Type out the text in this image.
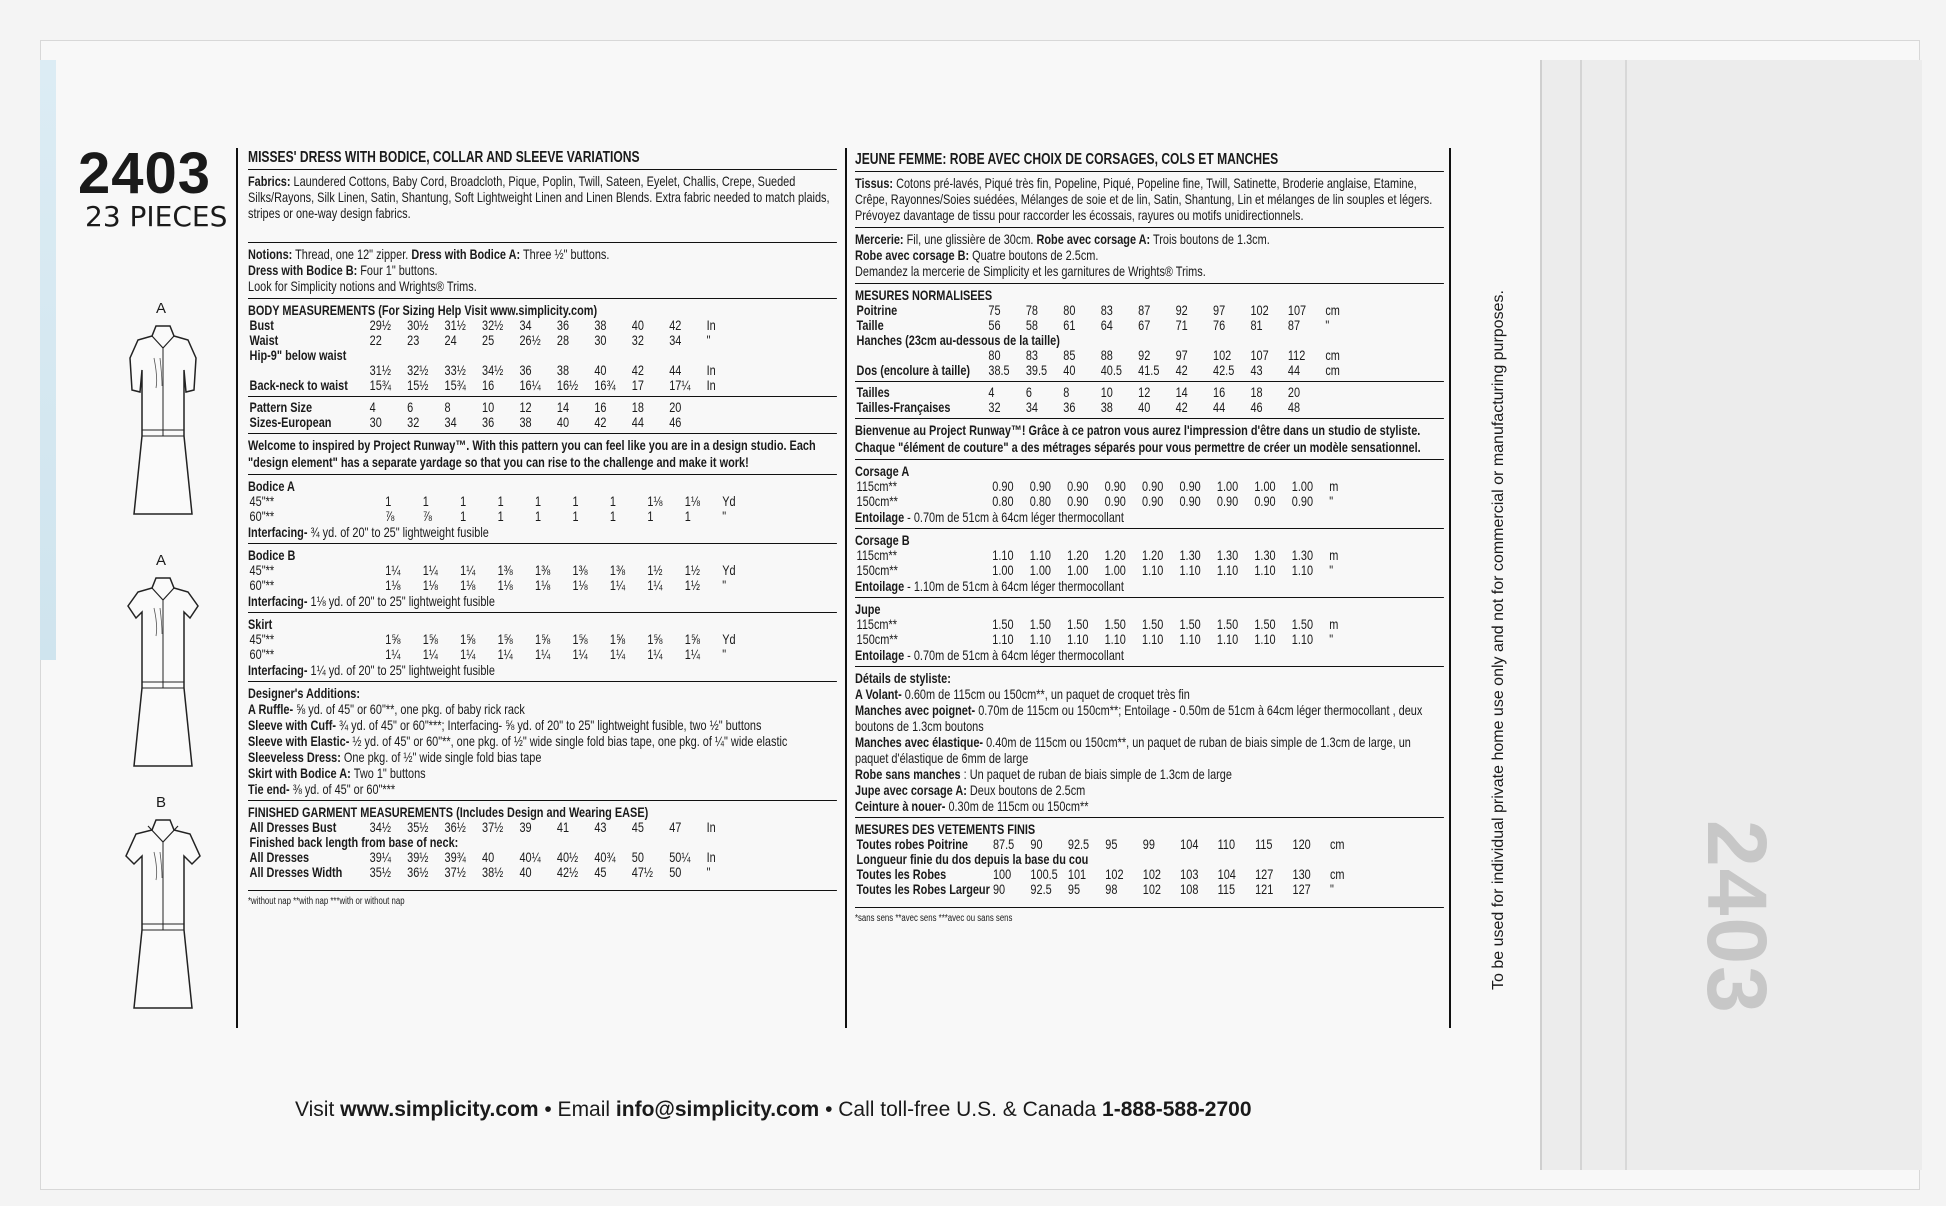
2403
2403
23 PIECES
A
A
B
MISSES' DRESS WITH BODICE, COLLAR AND SLEEVE VARIATIONS
Fabrics: Laundered Cottons, Baby Cord, Broadcloth, Pique, Poplin, Twill, Sateen, Eyelet, Challis, Crepe, Sueded Silks/Rayons, Silk Linen, Satin, Shantung, Soft Lightweight Linen and Linen Blends. Extra fabric needed to match plaids, stripes or one-way design fabrics.
Notions: Thread, one 12" zipper. Dress with Bodice A: Three ½" buttons.
Dress with Bodice B: Four 1" buttons.
Look for Simplicity notions and Wrights® Trims.
BODY MEASUREMENTS (For Sizing Help Visit www.simplicity.com)
Bust	29½	30½	31½	32½	34	36	38	40	42	In
Waist	22	23	24	25	26½	28	30	32	34	"
Hip-9" below waist										
	31½	32½	33½	34½	36	38	40	42	44	In
Back-neck to waist	15¾	15½	15¾	16	16¼	16½	16¾	17	17¼	In
Pattern Size	4	6	8	10	12	14	16	18	20	
Sizes-European	30	32	34	36	38	40	42	44	46	
Welcome to inspired by Project Runway™. With this pattern you can feel like you are in a design studio. Each "design element" has a separate yardage so that you can rise to the challenge and make it work!
Bodice A
45"**	1	1	1	1	1	1	1	1⅛	1⅛	Yd
60"**	⅞	⅞	1	1	1	1	1	1	1	"
Interfacing- ¾ yd. of 20" to 25" lightweight fusible
Bodice B
45"**	1¼	1¼	1¼	1⅜	1⅜	1⅜	1⅜	1½	1½	Yd
60"**	1⅛	1⅛	1⅛	1⅛	1⅛	1⅛	1¼	1¼	1½	"
Interfacing- 1⅛ yd. of 20" to 25" lightweight fusible
Skirt
45"**	1⅝	1⅝	1⅝	1⅝	1⅝	1⅝	1⅝	1⅝	1⅝	Yd
60"**	1¼	1¼	1¼	1¼	1¼	1¼	1¼	1¼	1¼	"
Interfacing- 1¼ yd. of 20" to 25" lightweight fusible
Designer's Additions:
A Ruffle- ⅝ yd. of 45" or 60"**, one pkg. of baby rick rack
Sleeve with Cuff- ¾ yd. of 45" or 60"***; Interfacing- ⅝ yd. of 20" to 25" lightweight fusible, two ½" buttons
Sleeve with Elastic- ½ yd. of 45" or 60"**, one pkg. of ½" wide single fold bias tape, one pkg. of ¼" wide elastic
Sleeveless Dress: One pkg. of ½" wide single fold bias tape
Skirt with Bodice A: Two 1" buttons
Tie end- ⅜ yd. of 45" or 60"***
FINISHED GARMENT MEASUREMENTS (Includes Design and Wearing EASE)
All Dresses Bust	34½	35½	36½	37½	39	41	43	45	47	In
Finished back length from base of neck:										
All Dresses	39¼	39½	39¾	40	40¼	40½	40¾	50	50¼	In
All Dresses Width	35½	36½	37½	38½	40	42½	45	47½	50	"
*without nap **with nap ***with or without nap
JEUNE FEMME: ROBE AVEC CHOIX DE CORSAGES, COLS ET MANCHES
Tissus: Cotons pré-lavés, Piqué très fin, Popeline, Piqué, Popeline fine, Twill, Satinette, Broderie anglaise, Etamine, Crêpe, Rayonnes/Soies suédées, Mélanges de soie et de lin, Satin, Shantung, Lin et mélanges de lin souples et légers. Prévoyez davantage de tissu pour raccorder les écossais, rayures ou motifs unidirectionnels.
Mercerie: Fil, une glissière de 30cm. Robe avec corsage A: Trois boutons de 1.3cm.
Robe avec corsage B: Quatre boutons de 2.5cm.
Demandez la mercerie de Simplicity et les garnitures de Wrights® Trims.
MESURES NORMALISEES
Poitrine	75	78	80	83	87	92	97	102	107	cm
Taille	56	58	61	64	67	71	76	81	87	"
Hanches (23cm au-dessous de la taille)										
	80	83	85	88	92	97	102	107	112	cm
Dos (encolure à taille)	38.5	39.5	40	40.5	41.5	42	42.5	43	44	cm
Tailles	4	6	8	10	12	14	16	18	20	
Tailles-Françaises	32	34	36	38	40	42	44	46	48	
Bienvenue au Project Runway™! Grâce à ce patron vous aurez l'impression d'être dans un studio de styliste. Chaque "élément de couture" a des métrages séparés pour vous permettre de créer un modèle sensationnel.
Corsage A
115cm**	0.90	0.90	0.90	0.90	0.90	0.90	1.00	1.00	1.00	m
150cm**	0.80	0.80	0.90	0.90	0.90	0.90	0.90	0.90	0.90	"
Entoilage - 0.70m de 51cm à 64cm léger thermocollant
Corsage B
115cm**	1.10	1.10	1.20	1.20	1.20	1.30	1.30	1.30	1.30	m
150cm**	1.00	1.00	1.00	1.00	1.10	1.10	1.10	1.10	1.10	"
Entoilage - 1.10m de 51cm à 64cm léger thermocollant
Jupe
115cm**	1.50	1.50	1.50	1.50	1.50	1.50	1.50	1.50	1.50	m
150cm**	1.10	1.10	1.10	1.10	1.10	1.10	1.10	1.10	1.10	"
Entoilage - 0.70m de 51cm à 64cm léger thermocollant
Détails de styliste:
A Volant- 0.60m de 115cm ou 150cm**, un paquet de croquet très fin
Manches avec poignet- 0.70m de 115cm ou 150cm**; Entoilage - 0.50m de 51cm à 64cm léger thermocollant , deux boutons de 1.3cm boutons
Manches avec élastique- 0.40m de 115cm ou 150cm**, un paquet de ruban de biais simple de 1.3cm de large, un paquet d'élastique de 6mm de large
Robe sans manches : Un paquet de ruban de biais simple de 1.3cm de large
Jupe avec corsage A: Deux boutons de 2.5cm
Ceinture à nouer- 0.30m de 115cm ou 150cm**
MESURES DES VETEMENTS FINIS
Toutes robes Poitrine	87.5	90	92.5	95	99	104	110	115	120	cm
Longueur finie du dos depuis la base du cou										
Toutes les Robes	100	100.5	101	102	102	103	104	127	130	cm
Toutes les Robes Largeur	90	92.5	95	98	102	108	115	121	127	"
*sans sens **avec sens ***avec ou sans sens	To be used for individual private home use only and not for commercial or manufacturing purposes.
Visit www.simplicity.com • Email info@simplicity.com • Call toll-free U.S. & Canada 1-888-588-2700
